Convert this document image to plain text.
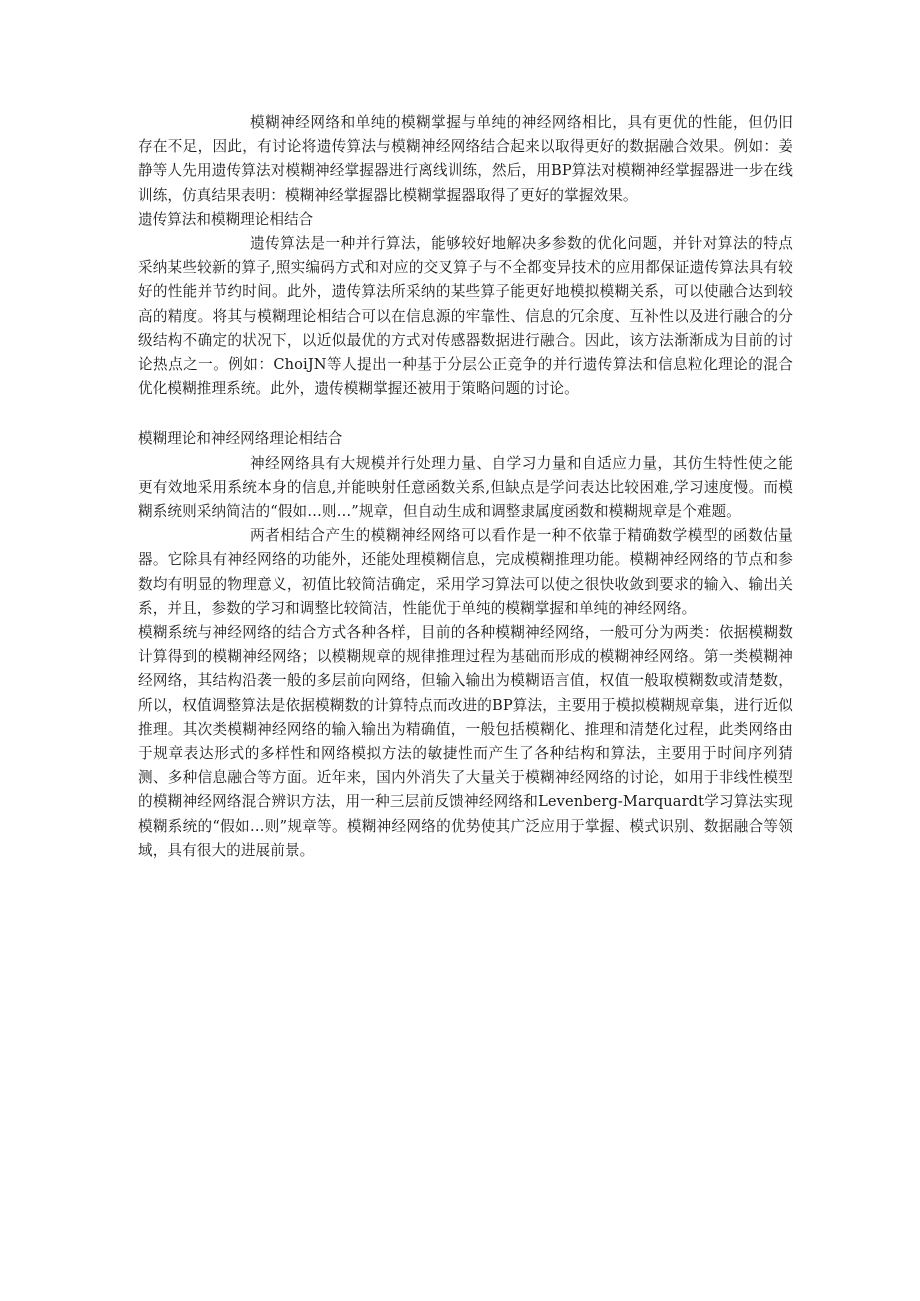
模糊神经网络和单纯的模糊掌握与单纯的神经网络相比，具有更优的性能，但仍旧存在不足，因此，有讨论将遗传算法与模糊神经网络结合起来以取得更好的数据融合效果。例如：姜静等人先用遗传算法对模糊神经掌握器进行离线训练，然后，用BP算法对模糊神经掌握器进一步在线训练，仿真结果表明：模糊神经掌握器比模糊掌握器取得了更好的掌握效果。

遗传算法和模糊理论相结合

遗传算法是一种并行算法，能够较好地解决多参数的优化问题，并针对算法的特点采纳某些较新的算子,照实编码方式和对应的交叉算子与不全都变异技术的应用都保证遗传算法具有较好的性能并节约时间。此外，遗传算法所采纳的某些算子能更好地模拟模糊关系，可以使融合达到较高的精度。将其与模糊理论相结合可以在信息源的牢靠性、信息的冗余度、互补性以及进行融合的分级结构不确定的状况下，以近似最优的方式对传感器数据进行融合。因此，该方法渐渐成为目前的讨论热点之一。例如：ChoiJN等人提出一种基于分层公正竞争的并行遗传算法和信息粒化理论的混合优化模糊推理系统。此外，遗传模糊掌握还被用于策略问题的讨论。

模糊理论和神经网络理论相结合

神经网络具有大规模并行处理力量、自学习力量和自适应力量，其仿生特性使之能更有效地采用系统本身的信息,并能映射任意函数关系,但缺点是学问表达比较困难,学习速度慢。而模糊系统则采纳简洁的“假如…则…”规章，但自动生成和调整隶属度函数和模糊规章是个难题。

两者相结合产生的模糊神经网络可以看作是一种不依靠于精确数学模型的函数估量器。它除具有神经网络的功能外，还能处理模糊信息，完成模糊推理功能。模糊神经网络的节点和参数均有明显的物理意义，初值比较简洁确定，采用学习算法可以使之很快收敛到要求的输入、输出关系，并且，参数的学习和调整比较简洁，性能优于单纯的模糊掌握和单纯的神经网络。

模糊系统与神经网络的结合方式各种各样，目前的各种模糊神经网络，一般可分为两类：依据模糊数计算得到的模糊神经网络；以模糊规章的规律推理过程为基础而形成的模糊神经网络。第一类模糊神经网络，其结构沿袭一般的多层前向网络，但输入输出为模糊语言值，权值一般取模糊数或清楚数，所以，权值调整算法是依据模糊数的计算特点而改进的BP算法，主要用于模拟模糊规章集，进行近似推理。其次类模糊神经网络的输入输出为精确值，一般包括模糊化、推理和清楚化过程，此类网络由于规章表达形式的多样性和网络模拟方法的敏捷性而产生了各种结构和算法，主要用于时间序列猜测、多种信息融合等方面。近年来，国内外消失了大量关于模糊神经网络的讨论，如用于非线性模型的模糊神经网络混合辨识方法，用一种三层前反馈神经网络和Levenberg-Marquardt学习算法实现模糊系统的“假如…则”规章等。模糊神经网络的优势使其广泛应用于掌握、模式识别、数据融合等领域，具有很大的进展前景。
